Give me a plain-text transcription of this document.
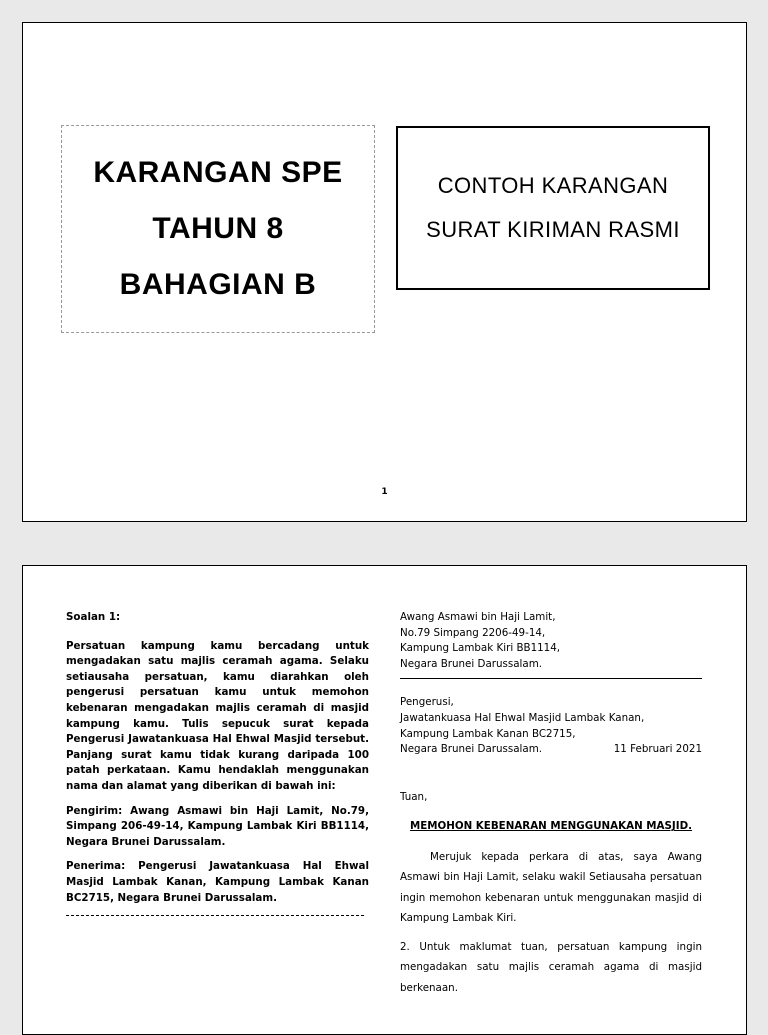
KARANGAN SPE
TAHUN 8
BAHAGIAN B
CONTOH KARANGAN
SURAT KIRIMAN RASMI
1

Soalan 1:

Persatuan kampung kamu bercadang untuk mengadakan satu majlis ceramah agama. Selaku setiausaha persatuan, kamu diarahkan oleh pengerusi persatuan kamu untuk memohon kebenaran mengadakan majlis ceramah di masjid kampung kamu. Tulis sepucuk surat kepada Pengerusi Jawatankuasa Hal Ehwal Masjid tersebut. Panjang surat kamu tidak kurang daripada 100 patah perkataan. Kamu hendaklah menggunakan nama dan alamat yang diberikan di bawah ini:

Pengirim: Awang Asmawi bin Haji Lamit, No.79, Simpang 206-49-14, Kampung Lambak Kiri BB1114, Negara Brunei Darussalam.

Penerima: Pengerusi Jawatankuasa Hal Ehwal Masjid Lambak Kanan, Kampung Lambak Kanan BC2715, Negara Brunei Darussalam.

Awang Asmawi bin Haji Lamit,

No.79 Simpang 2206-49-14,

Kampung Lambak Kiri BB1114,

Negara Brunei Darussalam.

Pengerusi,

Jawatankuasa Hal Ehwal Masjid Lambak Kanan,

Kampung Lambak Kanan BC2715,

Negara Brunei Darussalam.	11 Februari 2021

Tuan,

MEMOHON KEBENARAN MENGGUNAKAN MASJID.

Merujuk kepada perkara di atas, saya Awang Asmawi bin Haji Lamit, selaku wakil Setiausaha persatuan ingin memohon kebenaran untuk menggunakan masjid di Kampung Lambak Kiri.

2. Untuk maklumat tuan, persatuan kampung ingin mengadakan satu majlis ceramah agama di masjid berkenaan.
